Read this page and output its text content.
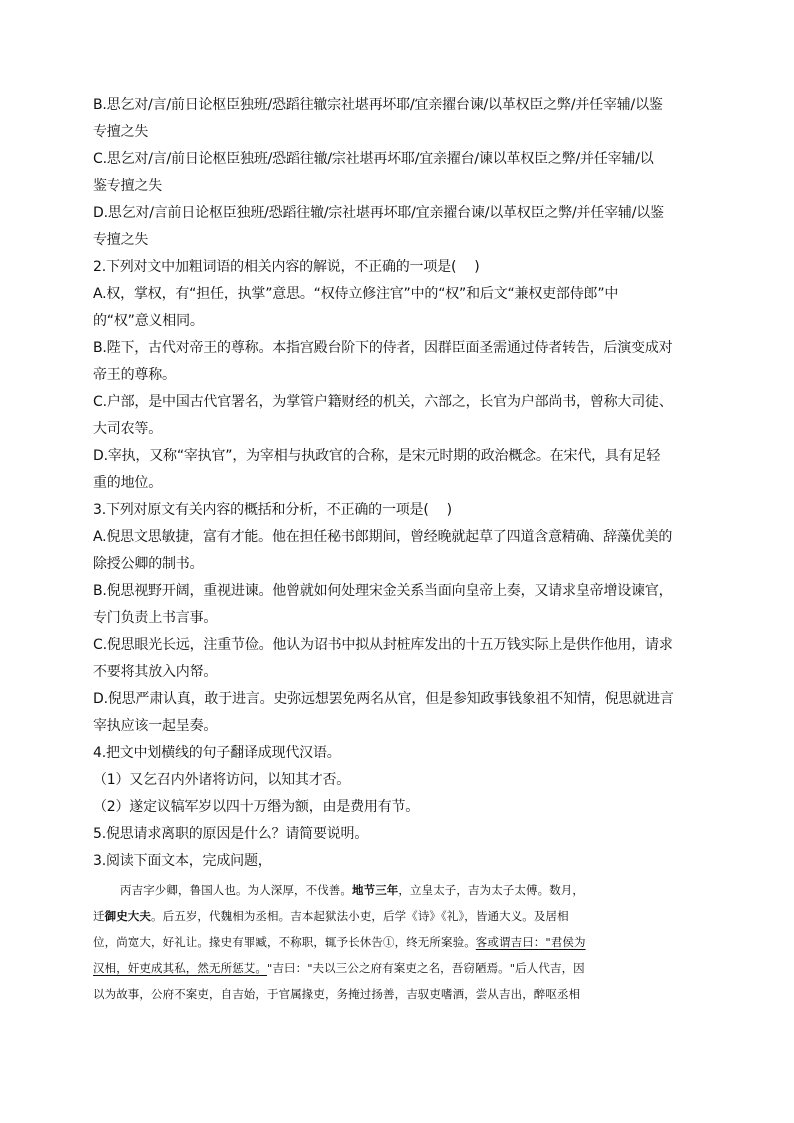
B.思乞对/言/前日论枢臣独班/恐蹈往辙宗社堪再坏耶/宜亲擢台谏/以革权臣之弊/并任宰辅/以鉴
专擅之失
C.思乞对/言/前日论枢臣独班/恐蹈往辙/宗社堪再坏耶/宜亲擢台/谏以革权臣之弊/并任宰辅/以
鉴专擅之失
D.思乞对/言前日论枢臣独班/恐蹈往辙/宗社堪再坏耶/宜亲擢台谏/以革权臣之弊/并任宰辅/以鉴
专擅之失
2.下列对文中加粗词语的相关内容的解说，不正确的一项是(　 )
A.权，掌权，有“担任，执掌”意思。“权侍立修注官”中的“权”和后文“兼权吏部侍郎”中
的“权”意义相同。
B.陛下，古代对帝王的尊称。本指宫殿台阶下的侍者，因群臣面圣需通过侍者转告，后演变成对
帝王的尊称。
C.户部，是中国古代官署名，为掌管户籍财经的机关，六部之，长官为户部尚书，曾称大司徒、
大司农等。
D.宰执，又称“宰执官”，为宰相与执政官的合称，是宋元时期的政治概念。在宋代，具有足轻
重的地位。
3.下列对原文有关内容的概括和分析，不正确的一项是(　 )
A.倪思文思敏捷，富有才能。他在担任秘书郎期间，曾经晚就起草了四道含意精确、辞藻优美的
除授公卿的制书。
B.倪思视野开阔，重视进谏。他曾就如何处理宋金关系当面向皇帝上奏，又请求皇帝增设谏官，
专门负责上书言事。
C.倪思眼光长远，注重节俭。他认为诏书中拟从封桩库发出的十五万钱实际上是供作他用，请求
不要将其放入内帑。
D.倪思严肃认真，敢于进言。史弥远想罢免两名从官，但是参知政事钱象祖不知情，倪思就进言
宰执应该一起呈奏。
4.把文中划横线的句子翻译成现代汉语。
（1）又乞召内外诸将访问，以知其才否。
（2）遂定议犒军岁以四十万缗为额，由是费用有节。
5.倪思请求离职的原因是什么？请简要说明。
3.阅读下面文本，完成问题，
丙吉字少卿，鲁国人也。为人深厚，不伐善。地节三年，立皇太子，吉为太子太傅。数月，
迁御史大夫。后五岁，代魏相为丞相。吉本起狱法小吏，后学《诗》《礼》，皆通大义。及居相
位，尚宽大，好礼让。掾史有罪臧，不称职，辄予长休告①，终无所案验。客或谓吉曰："君侯为
汉相，奸吏成其私，然无所惩艾。"吉曰："夫以三公之府有案吏之名，吾窃陋焉。"后人代吉，因
以为故事，公府不案吏，自吉始，于官属掾吏，务掩过扬善，吉驭吏嗜酒，尝从吉出，醉呕丞相
